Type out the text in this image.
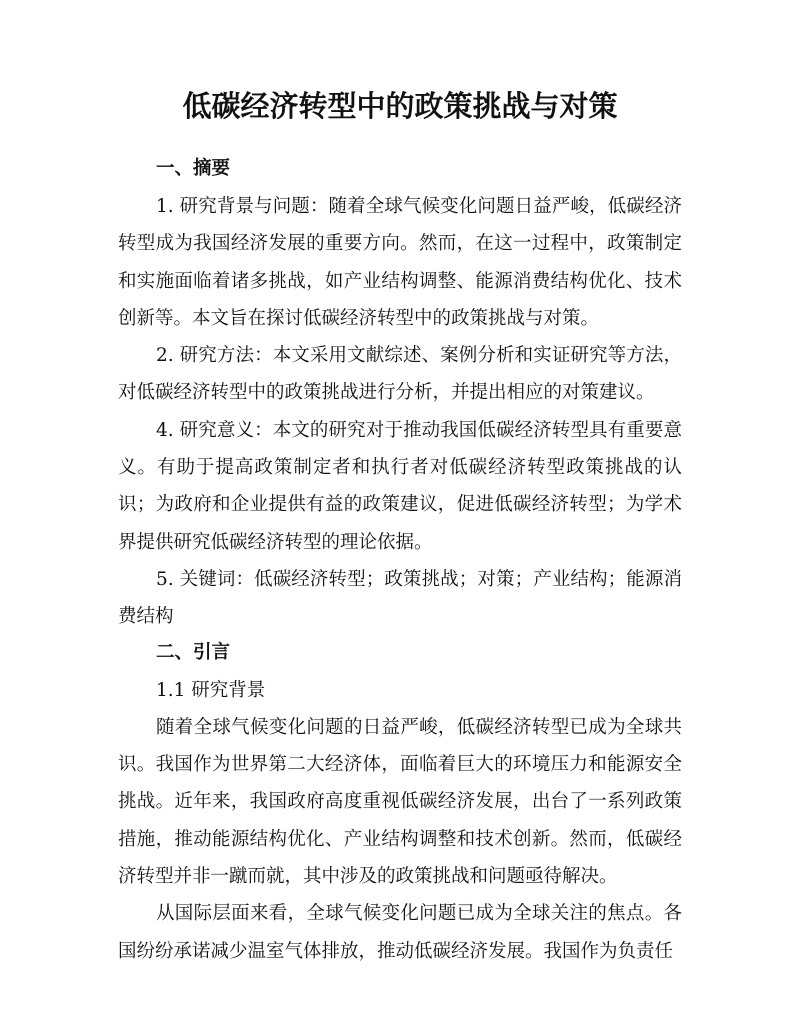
低碳经济转型中的政策挑战与对策
一、摘要

1. 研究背景与问题：随着全球气候变化问题日益严峻，低碳经济转型成为我国经济发展的重要方向。然而，在这一过程中，政策制定和实施面临着诸多挑战，如产业结构调整、能源消费结构优化、技术创新等。本文旨在探讨低碳经济转型中的政策挑战与对策。

2. 研究方法：本文采用文献综述、案例分析和实证研究等方法，对低碳经济转型中的政策挑战进行分析，并提出相应的对策建议。

4. 研究意义：本文的研究对于推动我国低碳经济转型具有重要意义。有助于提高政策制定者和执行者对低碳经济转型政策挑战的认识；为政府和企业提供有益的政策建议，促进低碳经济转型；为学术界提供研究低碳经济转型的理论依据。

5. 关键词：低碳经济转型；政策挑战；对策；产业结构；能源消费结构

二、引言
1.1 研究背景

随着全球气候变化问题的日益严峻，低碳经济转型已成为全球共识。我国作为世界第二大经济体，面临着巨大的环境压力和能源安全挑战。近年来，我国政府高度重视低碳经济发展，出台了一系列政策措施，推动能源结构优化、产业结构调整和技术创新。然而，低碳经济转型并非一蹴而就，其中涉及的政策挑战和问题亟待解决。

从国际层面来看，全球气候变化问题已成为全球关注的焦点。各国纷纷承诺减少温室气体排放，推动低碳经济发展。我国作为负责任
